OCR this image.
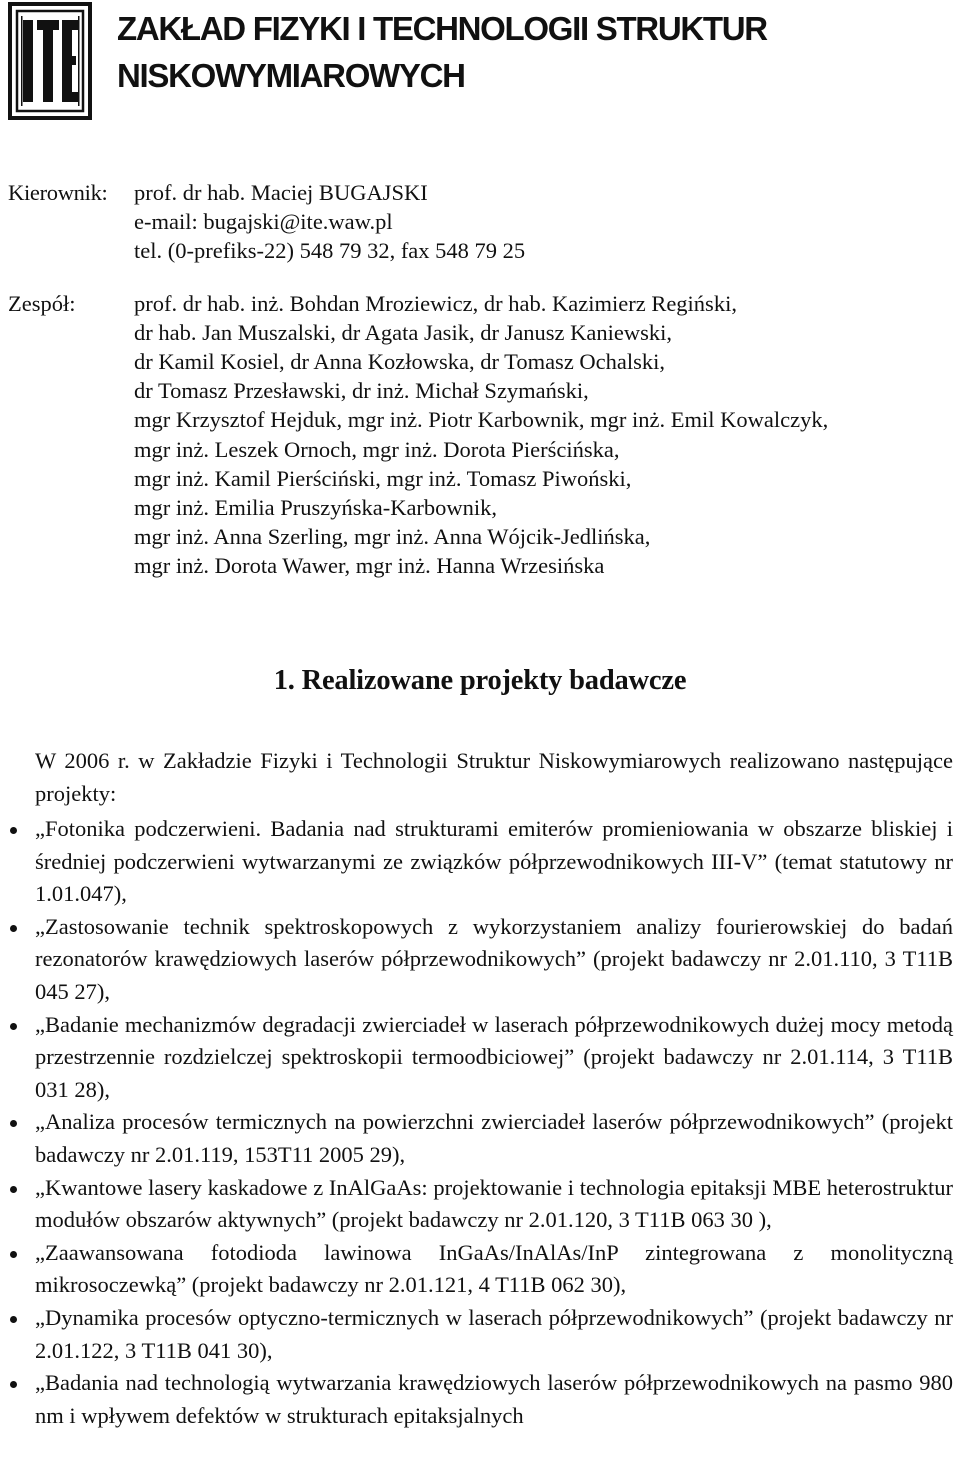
ZAKŁAD FIZYKI I TECHNOLOGII STRUKTUR
NISKOWYMIAROWYCH
Kierownik:	prof. dr hab. Maciej BUGAJSKI
e-mail: bugajski@ite.waw.pl
tel. (0-prefiks-22) 548 79 32, fax 548 79 25
Zespół:	prof. dr hab. inż. Bohdan Mroziewicz, dr hab. Kazimierz Regiński,
dr hab. Jan Muszalski, dr Agata Jasik, dr Janusz Kaniewski,
dr Kamil Kosiel, dr Anna Kozłowska, dr Tomasz Ochalski,
dr Tomasz Przesławski, dr inż. Michał Szymański,
mgr Krzysztof Hejduk, mgr inż. Piotr Karbownik, mgr inż. Emil Kowalczyk,
mgr inż. Leszek Ornoch, mgr inż. Dorota Pierścińska,
mgr inż. Kamil Pierściński, mgr inż. Tomasz Piwoński,
mgr inż. Emilia Pruszyńska-Karbownik,
mgr inż. Anna Szerling, mgr inż. Anna Wójcik-Jedlińska,
mgr inż. Dorota Wawer, mgr inż. Hanna Wrzesińska
1. Realizowane projekty badawcze
W 2006 r. w Zakładzie Fizyki i Technologii Struktur Niskowymiarowych realizowano następujące projekty:
„Fotonika podczerwieni. Badania nad strukturami emiterów promieniowania w obszarze bliskiej i średniej podczerwieni wytwarzanymi ze związków półprzewodnikowych III-V” (temat statutowy nr 1.01.047),
„Zastosowanie technik spektroskopowych z wykorzystaniem analizy fourierowskiej do badań rezonatorów krawędziowych laserów półprzewodnikowych” (projekt badawczy nr 2.01.110, 3 T11B 045 27),
„Badanie mechanizmów degradacji zwierciadeł w laserach półprzewodnikowych dużej mocy metodą przestrzennie rozdzielczej spektroskopii termoodbiciowej” (projekt badawczy nr 2.01.114, 3 T11B 031 28),
„Analiza procesów termicznych na powierzchni zwierciadeł laserów półprzewodnikowych” (projekt badawczy nr 2.01.119, 153T11 2005 29),
„Kwantowe lasery kaskadowe z InAlGaAs: projektowanie i technologia epitaksji MBE heterostruktur modułów obszarów aktywnych” (projekt badawczy nr 2.01.120, 3 T11B 063 30 ),
„Zaawansowana fotodioda lawinowa InGaAs/InAlAs/InP zintegrowana z monolityczną mikrosoczewką” (projekt badawczy nr 2.01.121, 4 T11B 062 30),
„Dynamika procesów optyczno-termicznych w laserach półprzewodnikowych” (projekt badawczy nr 2.01.122, 3 T11B 041 30),
„Badania nad technologią wytwarzania krawędziowych laserów półprzewodnikowych na pasmo 980 nm i wpływem defektów w strukturach epitaksjalnych
